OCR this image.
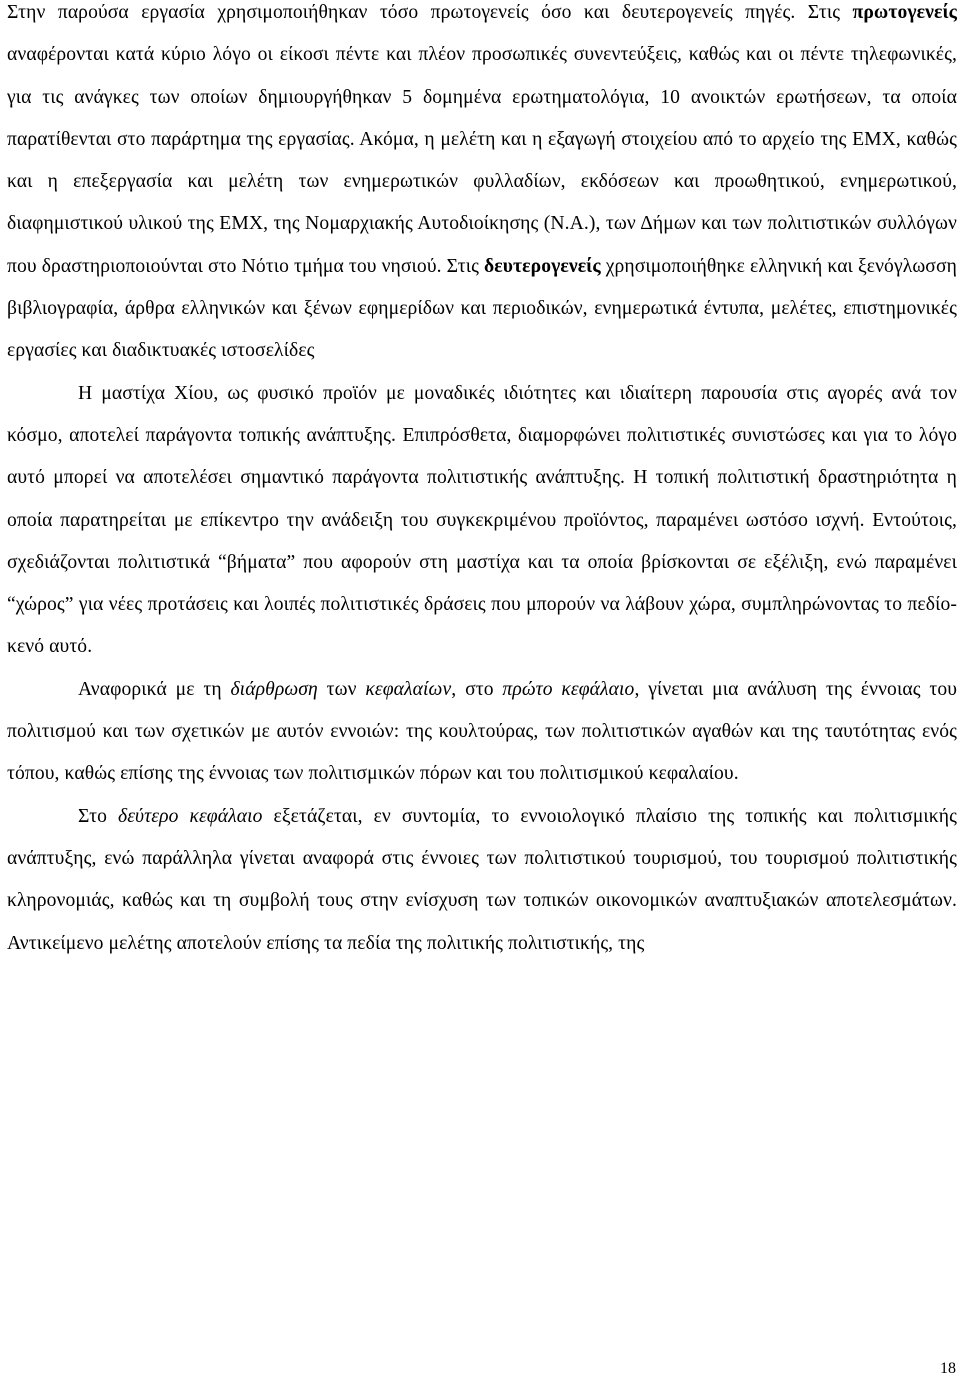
Στην παρούσα εργασία χρησιμοποιήθηκαν τόσο πρωτογενείς όσο και δευτερογενείς πηγές. Στις πρωτογενείς αναφέρονται κατά κύριο λόγο οι είκοσι πέντε και πλέον προσωπικές συνεντεύξεις, καθώς και οι πέντε τηλεφωνικές, για τις ανάγκες των οποίων δημιουργήθηκαν 5 δομημένα ερωτηματολόγια, 10 ανοικτών ερωτήσεων, τα οποία παρατίθενται στο παράρτημα της εργασίας. Ακόμα, η μελέτη και η εξαγωγή στοιχείου από το αρχείο της ΕΜΧ, καθώς και η επεξεργασία και μελέτη των ενημερωτικών φυλλαδίων, εκδόσεων και προωθητικού, ενημερωτικού, διαφημιστικού υλικού της ΕΜΧ, της Νομαρχιακής Αυτοδιοίκησης (Ν.Α.), των Δήμων και των πολιτιστικών συλλόγων που δραστηριοποιούνται στο Νότιο τμήμα του νησιού. Στις δευτερογενείς χρησιμοποιήθηκε ελληνική και ξενόγλωσση βιβλιογραφία, άρθρα ελληνικών και ξένων εφημερίδων και περιοδικών, ενημερωτικά έντυπα, μελέτες, επιστημονικές εργασίες και διαδικτυακές ιστοσελίδες

Η μαστίχα Χίου, ως φυσικό προϊόν με μοναδικές ιδιότητες και ιδιαίτερη παρουσία στις αγορές ανά τον κόσμο, αποτελεί παράγοντα τοπικής ανάπτυξης. Επιπρόσθετα, διαμορφώνει πολιτιστικές συνιστώσες και για το λόγο αυτό μπορεί να αποτελέσει σημαντικό παράγοντα πολιτιστικής ανάπτυξης. Η τοπική πολιτιστική δραστηριότητα η οποία παρατηρείται με επίκεντρο την ανάδειξη του συγκεκριμένου προϊόντος, παραμένει ωστόσο ισχνή. Εντούτοις, σχεδιάζονται πολιτιστικά “βήματα” που αφορούν στη μαστίχα και τα οποία βρίσκονται σε εξέλιξη, ενώ παραμένει “χώρος” για νέες προτάσεις και λοιπές πολιτιστικές δράσεις που μπορούν να λάβουν χώρα, συμπληρώνοντας το πεδίο-κενό αυτό.

Αναφορικά με τη διάρθρωση των κεφαλαίων, στο πρώτο κεφάλαιο, γίνεται μια ανάλυση της έννοιας του πολιτισμού και των σχετικών με αυτόν εννοιών: της κουλτούρας, των πολιτιστικών αγαθών και της ταυτότητας ενός τόπου, καθώς επίσης της έννοιας των πολιτισμικών πόρων και του πολιτισμικού κεφαλαίου.

Στο δεύτερο κεφάλαιο εξετάζεται, εν συντομία, το εννοιολογικό πλαίσιο της τοπικής και πολιτισμικής ανάπτυξης, ενώ παράλληλα γίνεται αναφορά στις έννοιες των πολιτιστικού τουρισμού, του τουρισμού πολιτιστικής κληρονομιάς, καθώς και τη συμβολή τους στην ενίσχυση των τοπικών οικονομικών αναπτυξιακών αποτελεσμάτων. Αντικείμενο μελέτης αποτελούν επίσης τα πεδία της πολιτικής πολιτιστικής, της

18
